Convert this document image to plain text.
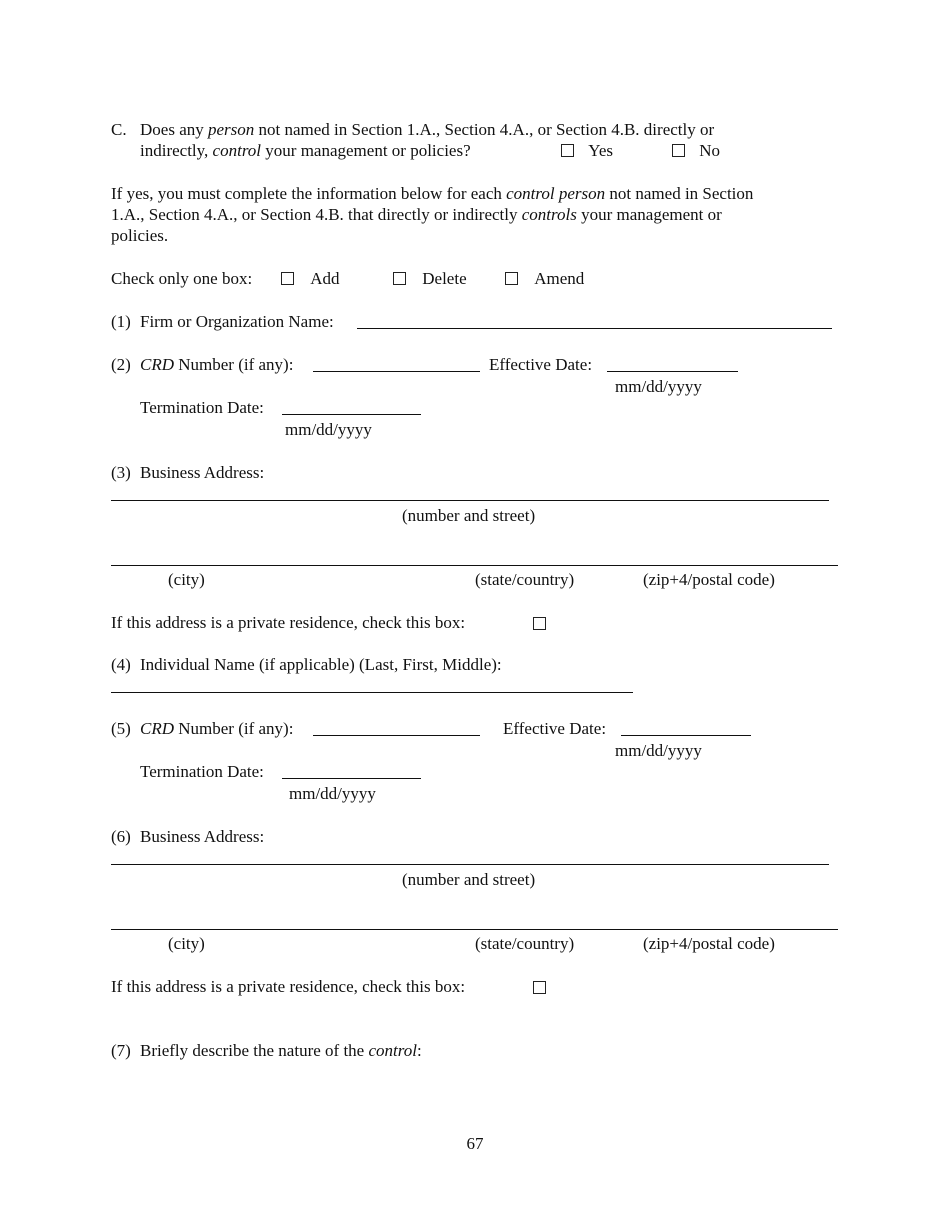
C. Does any person not named in Section 1.A., Section 4.A., or Section 4.B. directly or
indirectly, control your management or policies?	Yes	No
If yes, you must complete the information below for each control person not named in Section
1.A., Section 4.A., or Section 4.B. that directly or indirectly controls your management or
policies.
Check only one box:	Add	Delete	Amend
(1) Firm or Organization Name:
(2) CRD Number (if any):	Effective Date:
mm/dd/yyyy
Termination Date:
mm/dd/yyyy
(3) Business Address:
(number and street)
(city)	(state/country)	(zip+4/postal code)
If this address is a private residence, check this box:
(4) Individual Name (if applicable) (Last, First, Middle):
(5) CRD Number (if any):	Effective Date:
mm/dd/yyyy
Termination Date:
mm/dd/yyyy
(6) Business Address:
(number and street)
(city)	(state/country)	(zip+4/postal code)
If this address is a private residence, check this box:
(7) Briefly describe the nature of the control:
67
